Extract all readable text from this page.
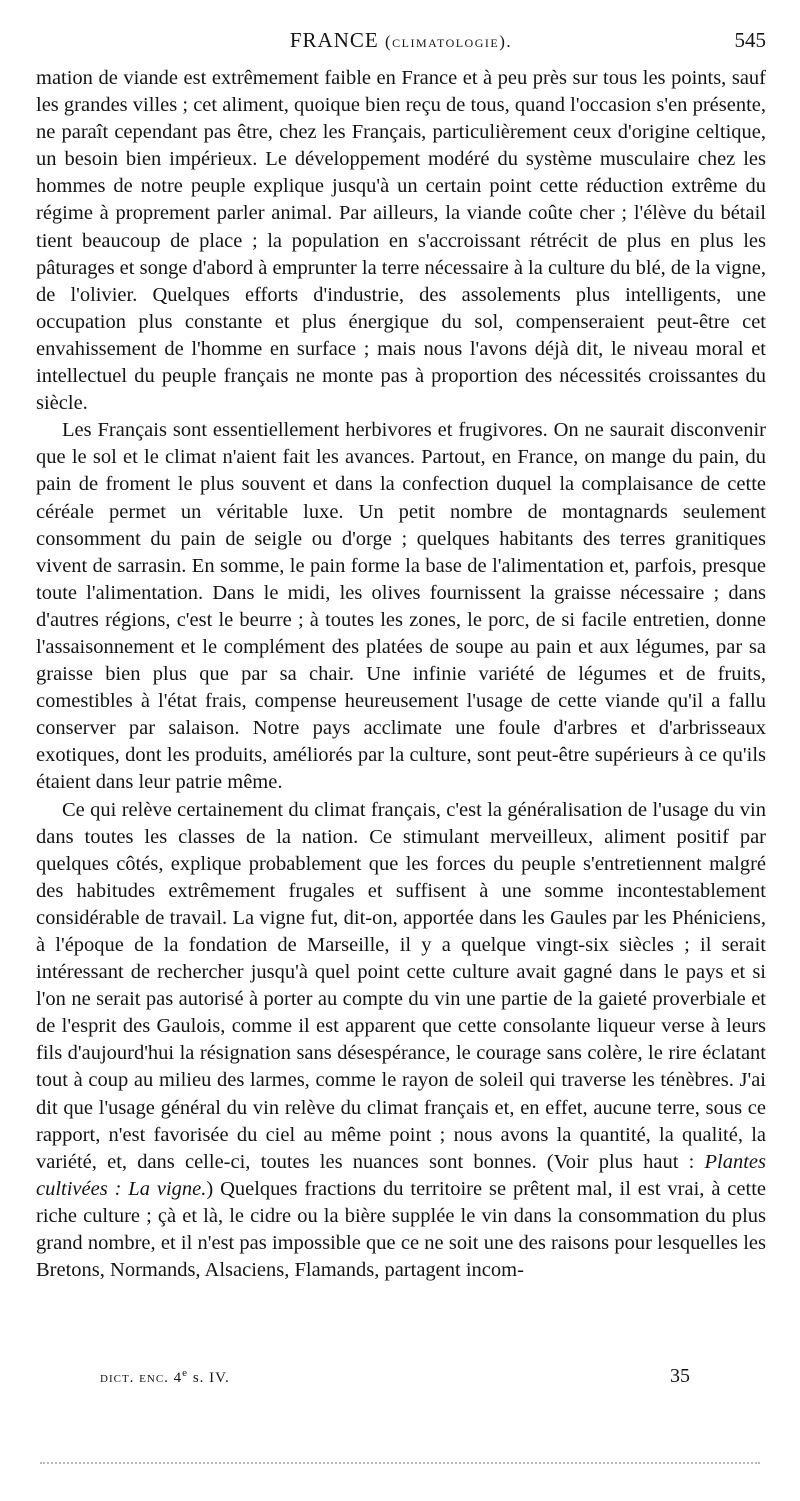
FRANCE (climatologie).	545

mation de viande est extrêmement faible en France et à peu près sur tous les points, sauf les grandes villes ; cet aliment, quoique bien reçu de tous, quand l'occasion s'en présente, ne paraît cependant pas être, chez les Français, particulièrement ceux d'origine celtique, un besoin bien impérieux. Le développement modéré du système musculaire chez les hommes de notre peuple explique jusqu'à un certain point cette réduction extrême du régime à proprement parler animal. Par ailleurs, la viande coûte cher ; l'élève du bétail tient beaucoup de place ; la population en s'accroissant rétrécit de plus en plus les pâturages et songe d'abord à emprunter la terre nécessaire à la culture du blé, de la vigne, de l'olivier. Quelques efforts d'industrie, des assolements plus intelligents, une occupation plus constante et plus énergique du sol, compenseraient peut-être cet envahissement de l'homme en surface ; mais nous l'avons déjà dit, le niveau moral et intellectuel du peuple français ne monte pas à proportion des nécessités croissantes du siècle.

Les Français sont essentiellement herbivores et frugivores. On ne saurait disconvenir que le sol et le climat n'aient fait les avances. Partout, en France, on mange du pain, du pain de froment le plus souvent et dans la confection duquel la complaisance de cette céréale permet un véritable luxe. Un petit nombre de montagnards seulement consomment du pain de seigle ou d'orge ; quelques habitants des terres granitiques vivent de sarrasin. En somme, le pain forme la base de l'alimentation et, parfois, presque toute l'alimentation. Dans le midi, les olives fournissent la graisse nécessaire ; dans d'autres régions, c'est le beurre ; à toutes les zones, le porc, de si facile entretien, donne l'assaisonnement et le complément des platées de soupe au pain et aux légumes, par sa graisse bien plus que par sa chair. Une infinie variété de légumes et de fruits, comestibles à l'état frais, compense heureusement l'usage de cette viande qu'il a fallu conserver par salaison. Notre pays acclimate une foule d'arbres et d'arbrisseaux exotiques, dont les produits, améliorés par la culture, sont peut-être supérieurs à ce qu'ils étaient dans leur patrie même.

Ce qui relève certainement du climat français, c'est la généralisation de l'usage du vin dans toutes les classes de la nation. Ce stimulant merveilleux, aliment positif par quelques côtés, explique probablement que les forces du peuple s'entretiennent malgré des habitudes extrêmement frugales et suffisent à une somme incontestablement considérable de travail. La vigne fut, dit-on, apportée dans les Gaules par les Phéniciens, à l'époque de la fondation de Marseille, il y a quelque vingt-six siècles ; il serait intéressant de rechercher jusqu'à quel point cette culture avait gagné dans le pays et si l'on ne serait pas autorisé à porter au compte du vin une partie de la gaieté proverbiale et de l'esprit des Gaulois, comme il est apparent que cette consolante liqueur verse à leurs fils d'aujourd'hui la résignation sans désespérance, le courage sans colère, le rire éclatant tout à coup au milieu des larmes, comme le rayon de soleil qui traverse les ténèbres. J'ai dit que l'usage général du vin relève du climat français et, en effet, aucune terre, sous ce rapport, n'est favorisée du ciel au même point ; nous avons la quantité, la qualité, la variété, et, dans celle-ci, toutes les nuances sont bonnes. (Voir plus haut : Plantes cultivées : La vigne.) Quelques fractions du territoire se prêtent mal, il est vrai, à cette riche culture ; çà et là, le cidre ou la bière supplée le vin dans la consommation du plus grand nombre, et il n'est pas impossible que ce ne soit une des raisons pour lesquelles les Bretons, Normands, Alsaciens, Flamands, partagent incom-

dict. enc. 4e s. IV.	35
